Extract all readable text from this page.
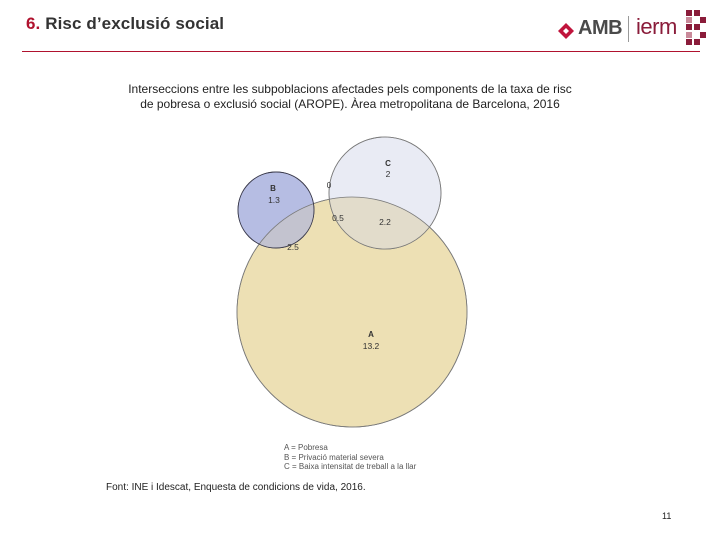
6. Risc d’exclusió social	AMB ierm
Interseccions entre les subpoblacions afectades pels components de la taxa de risc
de pobresa o exclusió social (AROPE). Àrea metropolitana de Barcelona, 2016
C
2
B
1.3
0
0.5	2.2
2.5
A
13.2
A = Pobresa
B = Privació material severa
C = Baixa intensitat de treball a la llar
Font: INE i Idescat, Enquesta de condicions de vida, 2016.
11
